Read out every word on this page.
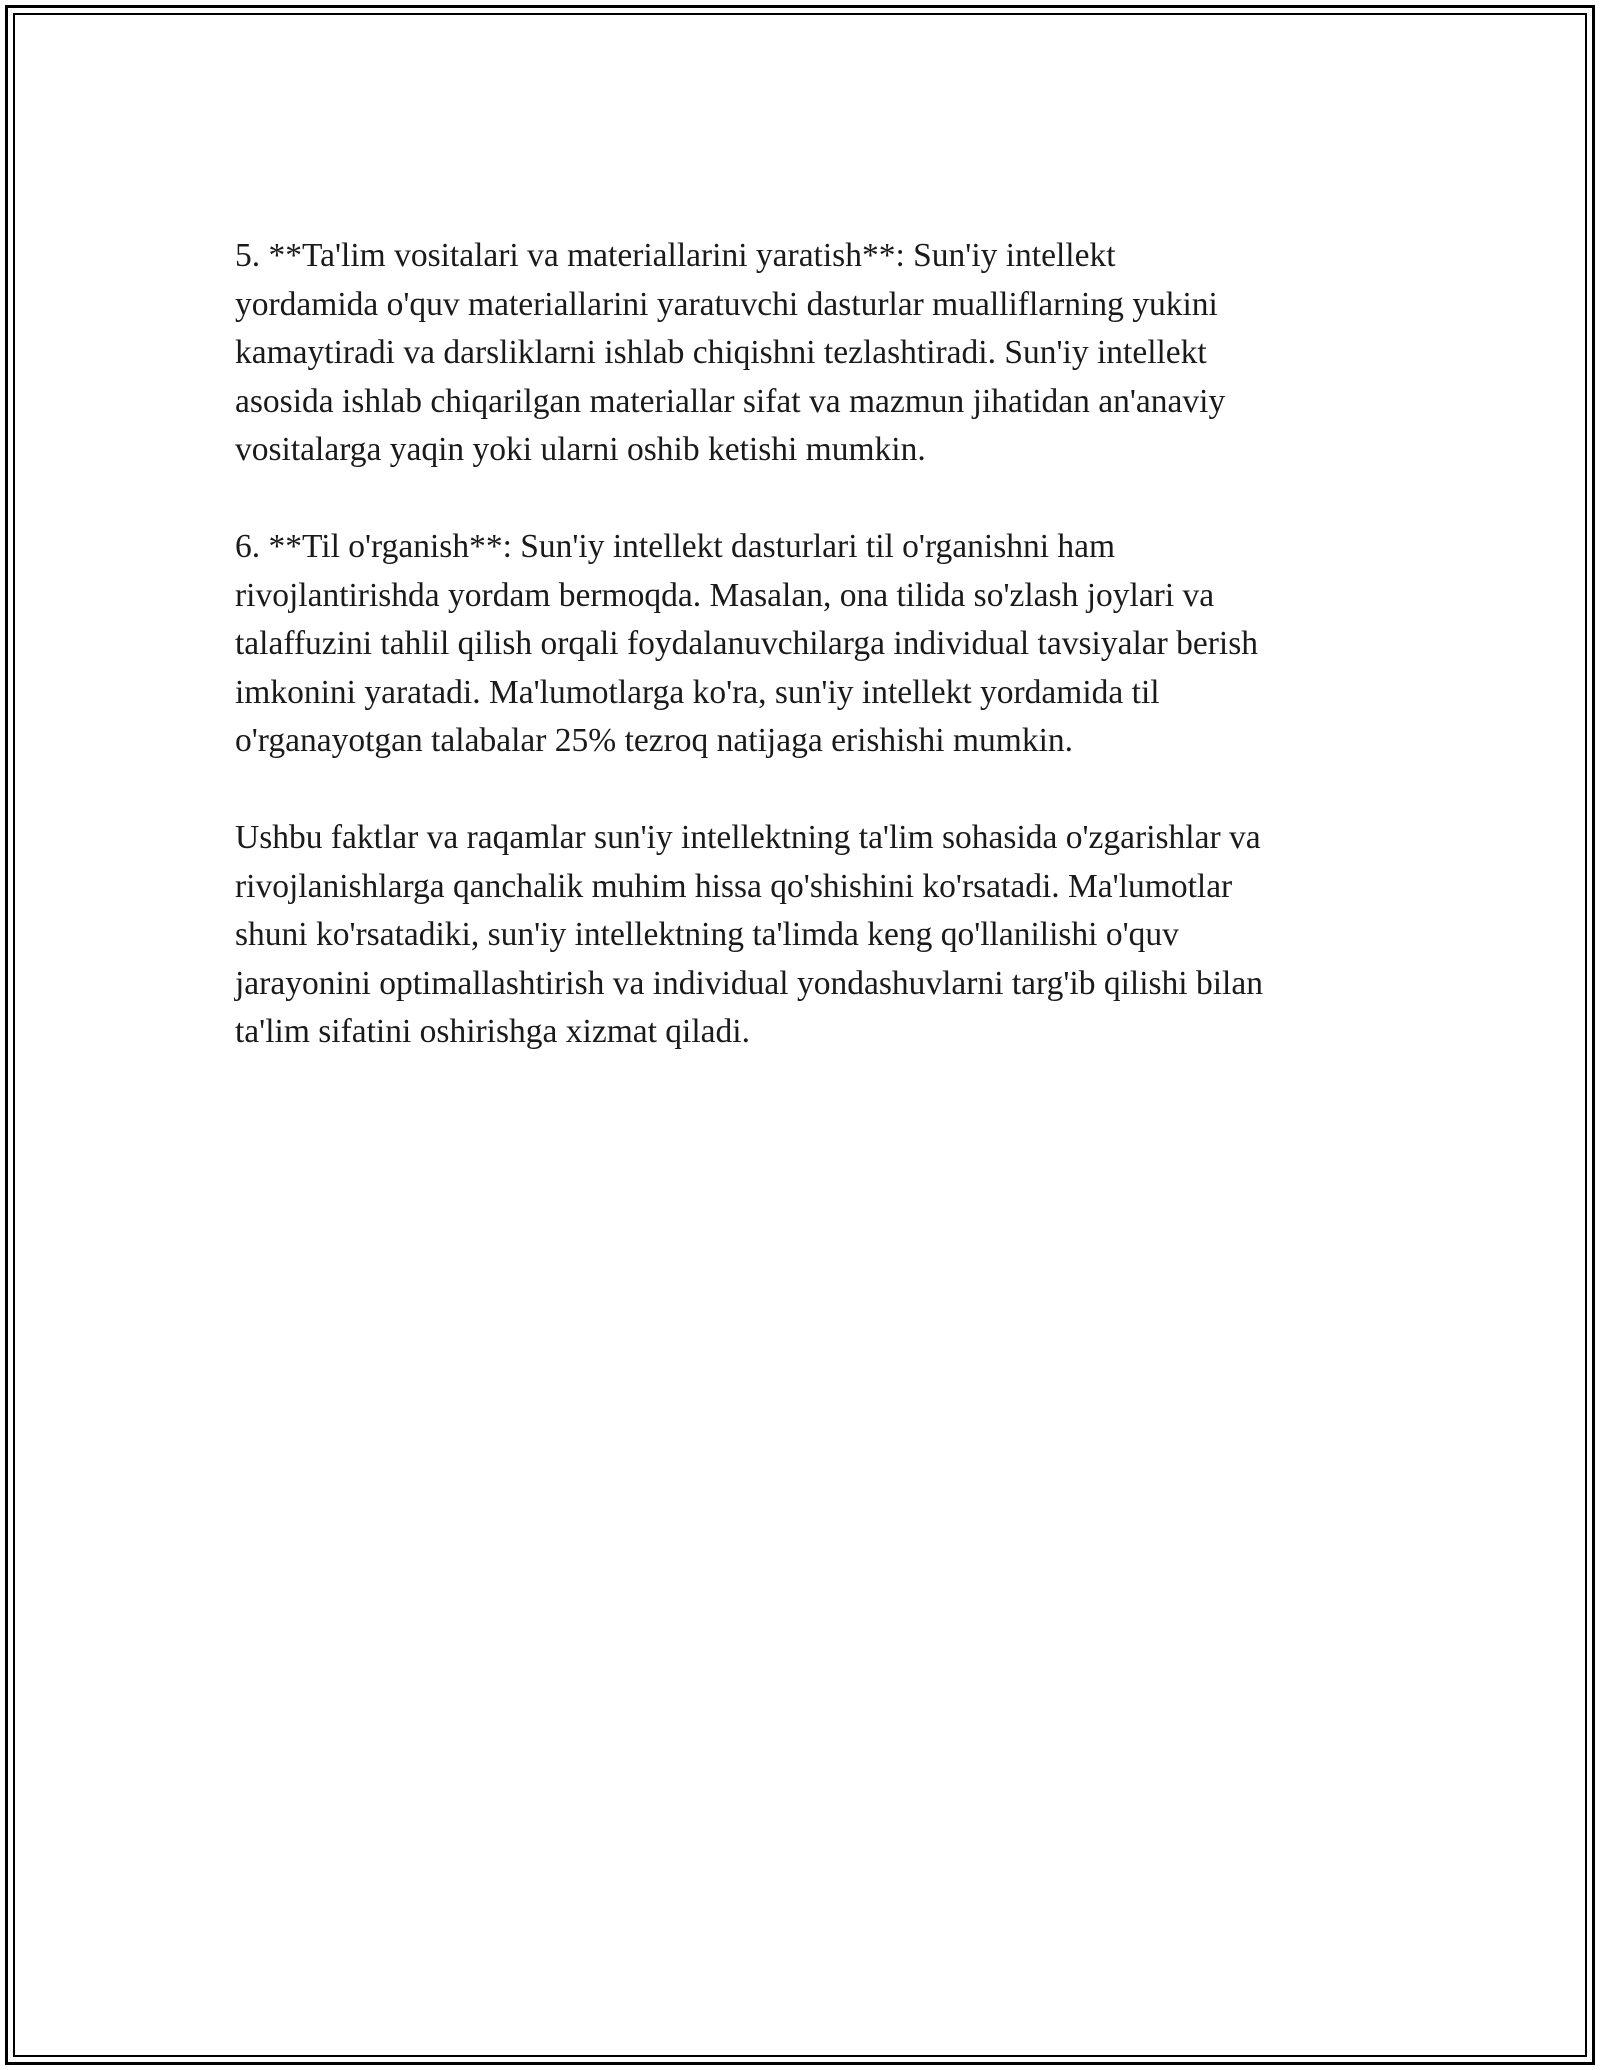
5. **Ta'lim vositalari va materiallarini yaratish**: Sun'iy intellekt
yordamida o'quv materiallarini yaratuvchi dasturlar mualliflarning yukini
kamaytiradi va darsliklarni ishlab chiqishni tezlashtiradi. Sun'iy intellekt
asosida ishlab chiqarilgan materiallar sifat va mazmun jihatidan an'anaviy
vositalarga yaqin yoki ularni oshib ketishi mumkin.

6. **Til o'rganish**: Sun'iy intellekt dasturlari til o'rganishni ham
rivojlantirishda yordam bermoqda. Masalan, ona tilida so'zlash joylari va
talaffuzini tahlil qilish orqali foydalanuvchilarga individual tavsiyalar berish
imkonini yaratadi. Ma'lumotlarga ko'ra, sun'iy intellekt yordamida til
o'rganayotgan talabalar 25% tezroq natijaga erishishi mumkin.

Ushbu faktlar va raqamlar sun'iy intellektning ta'lim sohasida o'zgarishlar va
rivojlanishlarga qanchalik muhim hissa qo'shishini ko'rsatadi. Ma'lumotlar
shuni ko'rsatadiki, sun'iy intellektning ta'limda keng qo'llanilishi o'quv
jarayonini optimallashtirish va individual yondashuvlarni targ'ib qilishi bilan
ta'lim sifatini oshirishga xizmat qiladi.
